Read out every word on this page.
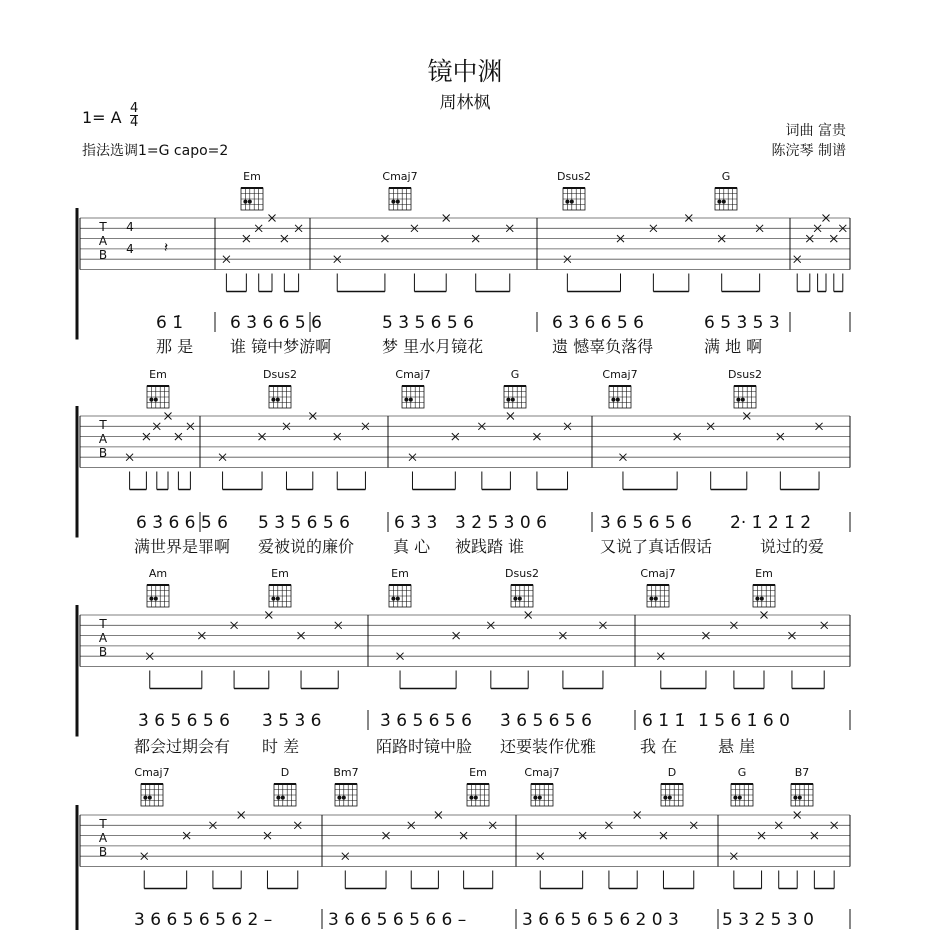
镜中渊
周林枫
1= A $\frac{4}{4}$
指法选调1=G capo=2
词曲 富贵
陈浣琴 制谱
T
A
B
4
4 𝄽
Em	Cmaj7	Dsus2	G
6 1̇	6 3̇ 6 6 5 6	5 3̇ 5 6 5 6	6 3̇ 6 6 5 6	6 5 3̇ 5 3
那 是 谁 镜中梦游啊	梦 里水月镜花	遗 憾辜负落得	满 地 啊
T
A
B
Em	Dsus2	Cmaj7	G	Cmaj7	Dsus2
6 3̇ 6 6 5 6 5 3̇ 5 6 5 6	6 3̇ 3̇ 3̇ 2̇ 5̇ 3̇ 0 6	3̇ 6 5 6 5 6 2̇· 1̇ 2̇ 1̇ 2̇
满世界是罪啊 爱被说的廉价 真 心 被践踏 谁	又说了真话假话	说过的爱
T
A
B
Am	Em	Em	Dsus2	Cmaj7	Em
3̇ 6 5 6 5 6 3̇ 5̇ 3̇ 6	3̇ 6 5 6 5 6 3̇ 6 5 6 5 6	6 1̇ 1̇ 1̇ 5 6 1̇ 6 0
都会过期会有 时 差	陌路时镜中脸 还要装作优雅	我 在	悬 崖
T
A
B
Cmaj7	D	Bm7	Em	Cmaj7	D	G	B7
3 6 6 5 6 5 6 2 –	3 6 6 5 6 5 6 6 –	3 6 6 5 6 5 6 2 0 3	5 3 2 5 3 0
